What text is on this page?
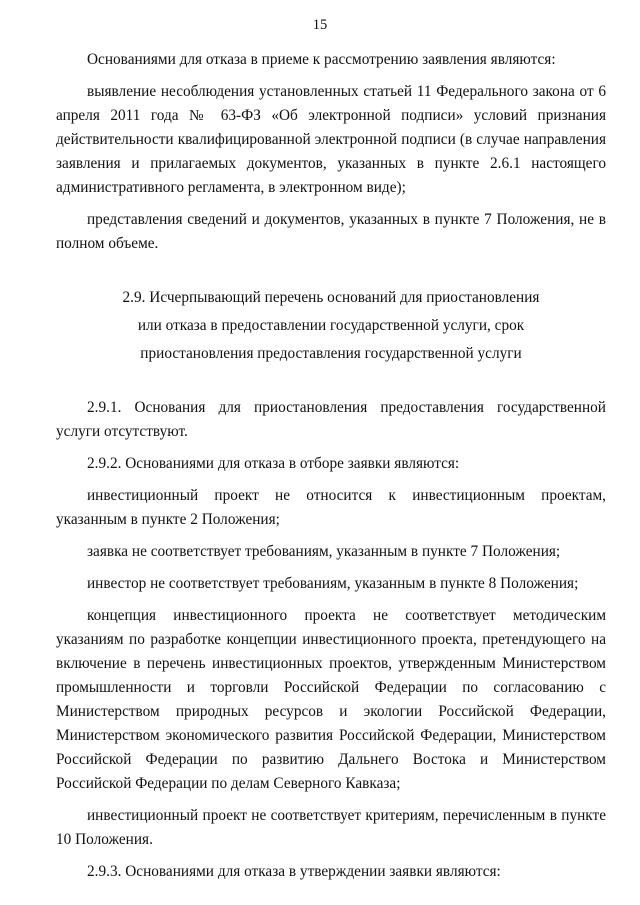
15

Основаниями для отказа в приеме к рассмотрению заявления являются:

выявление несоблюдения установленных статьей 11 Федерального закона от 6 апреля 2011 года № 63-ФЗ «Об электронной подписи» условий признания действительности квалифицированной электронной подписи (в случае направления заявления и прилагаемых документов, указанных в пункте 2.6.1 настоящего административного регламента, в электронном виде);

представления сведений и документов, указанных в пункте 7 Положения, не в полном объеме.

2.9. Исчерпывающий перечень оснований для приостановления
или отказа в предоставлении государственной услуги, срок
приостановления предоставления государственной услуги

2.9.1. Основания для приостановления предоставления государственной услуги отсутствуют.

2.9.2. Основаниями для отказа в отборе заявки являются:

инвестиционный проект не относится к инвестиционным проектам, указанным в пункте 2 Положения;

заявка не соответствует требованиям, указанным в пункте 7 Положения;

инвестор не соответствует требованиям, указанным в пункте 8 Положения;

концепция инвестиционного проекта не соответствует методическим указаниям по разработке концепции инвестиционного проекта, претендующего на включение в перечень инвестиционных проектов, утвержденным Министерством промышленности и торговли Российской Федерации по согласованию с Министерством природных ресурсов и экологии Российской Федерации, Министерством экономического развития Российской Федерации, Министерством Российской Федерации по развитию Дальнего Востока и Министерством Российской Федерации по делам Северного Кавказа;

инвестиционный проект не соответствует критериям, перечисленным в пункте 10 Положения.

2.9.3. Основаниями для отказа в утверждении заявки являются:
